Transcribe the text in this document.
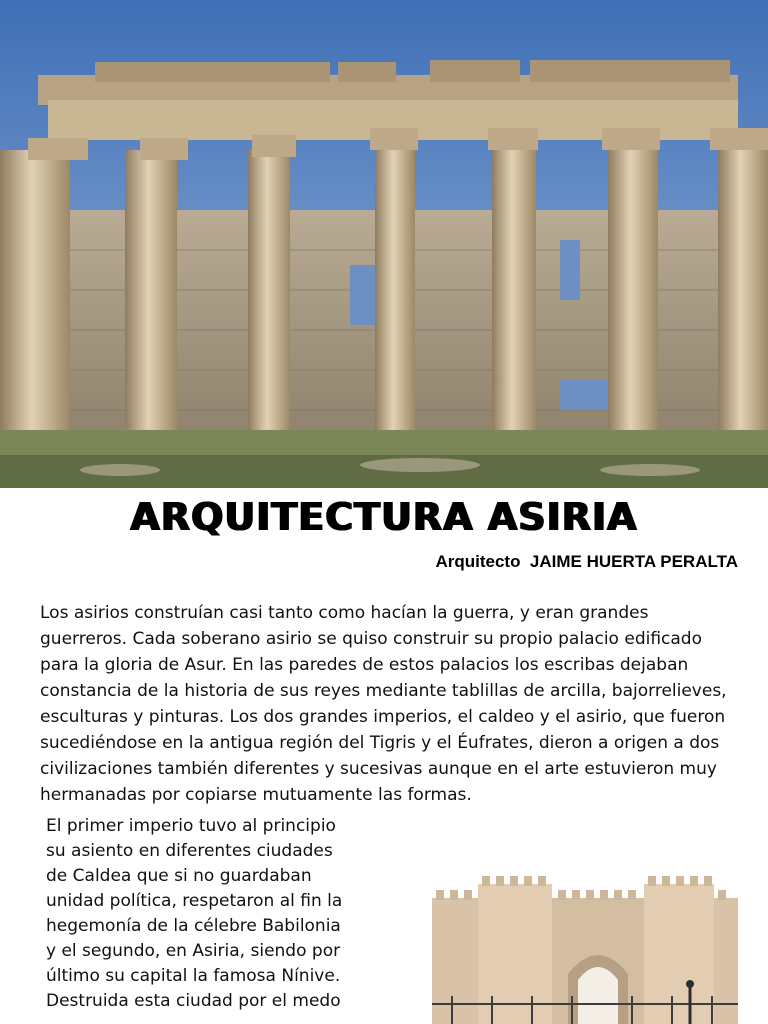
ARQUITECTURA ASIRIA
Arquitecto  JAIME HUERTA PERALTA

Los asirios construían casi tanto como hacían la guerra, y eran grandes guerreros. Cada soberano asirio se quiso construir su propio palacio edificado para la gloria de Asur. En las paredes de estos palacios los escribas dejaban constancia de la historia de sus reyes mediante tablillas de arcilla, bajorrelieves, esculturas y pinturas. Los dos grandes imperios, el caldeo y el asirio, que fueron sucediéndose en la antigua región del Tigris y el Éufrates, dieron a origen a dos civilizaciones también diferentes y sucesivas aunque en el arte estuvieron muy hermanadas por copiarse mutuamente las formas.

El primer imperio tuvo al principio su asiento en diferentes ciudades de Caldea que si no guardaban unidad política, respetaron al fin la hegemonía de la célebre Babilonia y el segundo, en Asiria, siendo por último su capital la famosa Nínive. Destruida esta ciudad por el medo
